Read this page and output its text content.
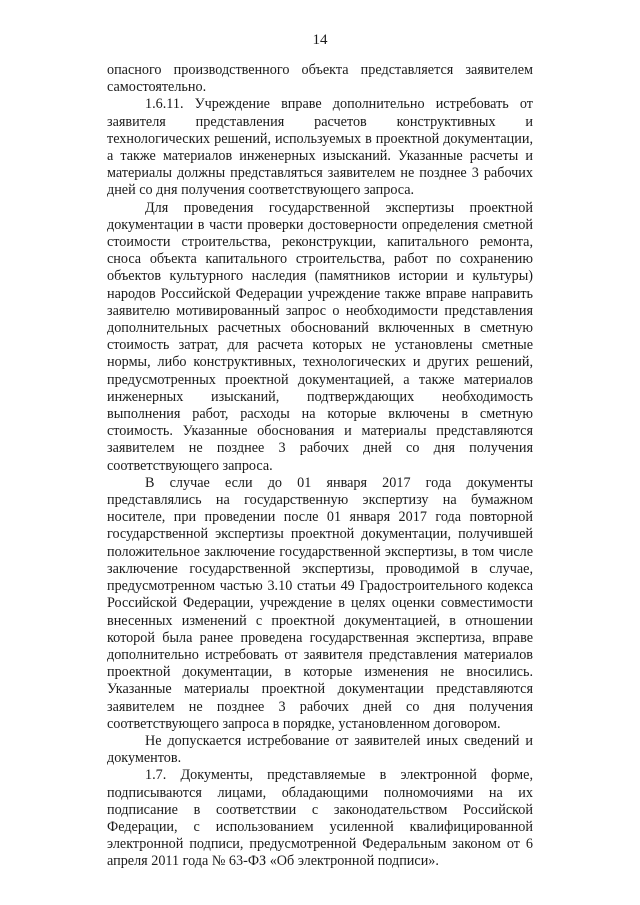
14

опасного производственного объекта представляется заявителем самостоятельно.

1.6.11. Учреждение вправе дополнительно истребовать от заявителя представления расчетов конструктивных и технологических решений, используемых в проектной документации, а также материалов инженерных изысканий. Указанные расчеты и материалы должны представляться заявителем не позднее 3 рабочих дней со дня получения соответствующего запроса.

Для проведения государственной экспертизы проектной документации в части проверки достоверности определения сметной стоимости строительства, реконструкции, капитального ремонта, сноса объекта капитального строительства, работ по сохранению объектов культурного наследия (памятников истории и культуры) народов Российской Федерации учреждение также вправе направить заявителю мотивированный запрос о необходимости представления дополнительных расчетных обоснований включенных в сметную стоимость затрат, для расчета которых не установлены сметные нормы, либо конструктивных, технологических и других решений, предусмотренных проектной документацией, а также материалов инженерных изысканий, подтверждающих необходимость выполнения работ, расходы на которые включены в сметную стоимость. Указанные обоснования и материалы представляются заявителем не позднее 3 рабочих дней со дня получения соответствующего запроса.

В случае если до 01 января 2017 года документы представлялись на государственную экспертизу на бумажном носителе, при проведении после 01 января 2017 года повторной государственной экспертизы проектной документации, получившей положительное заключение государственной экспертизы, в том числе заключение государственной экспертизы, проводимой в случае, предусмотренном частью 3.10 статьи 49 Градостроительного кодекса Российской Федерации, учреждение в целях оценки совместимости внесенных изменений с проектной документацией, в отношении которой была ранее проведена государственная экспертиза, вправе дополнительно истребовать от заявителя представления материалов проектной документации, в которые изменения не вносились. Указанные материалы проектной документации представляются заявителем не позднее 3 рабочих дней со дня получения соответствующего запроса в порядке, установленном договором.

Не допускается истребование от заявителей иных сведений и документов.

1.7. Документы, представляемые в электронной форме, подписываются лицами, обладающими полномочиями на их подписание в соответствии с законодательством Российской Федерации, с использованием усиленной квалифицированной электронной подписи, предусмотренной Федеральным законом от 6 апреля 2011 года № 63-ФЗ «Об электронной подписи».
